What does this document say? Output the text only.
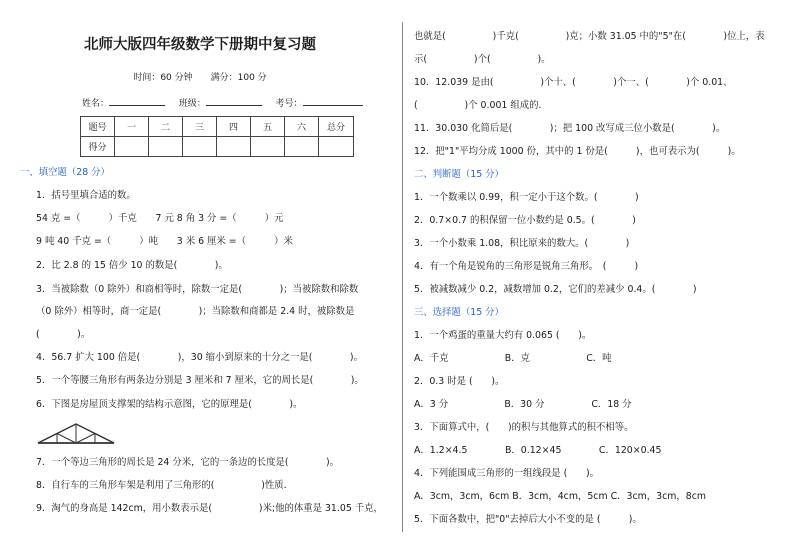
北师大版四年级数学下册期中复习题
时间：60 分钟　　满分：100 分
姓名：	班级：	考号：
题号	一	二	三	四	五	六	总分
得分							
一、填空题（28 分）
1．括号里填合适的数。
54 克 =（　　　）千克　　7 元 8 角 3 分 =（　　　）元
9 吨 40 千克 =（　　　）吨　　3 米 6 厘米 =（　　　）米
2．比 2.8 的 15 倍少 10 的数是(　　　　)。
3．当被除数（0 除外）和商相等时，除数一定是(　　　　)；当被除数和除数
（0 除外）相等时，商一定是(　　　　)；当除数和商都是 2.4 时，被除数是
(　　　　)。
4．56.7 扩大 100 倍是(　　　　)，30 缩小到原来的十分之一是(　　　　)。
5．一个等腰三角形有两条边分别是 3 厘米和 7 厘米，它的周长是(　　　　)。
6．下图是房屋顶支撑架的结构示意图，它的原理是(　　　　)。
7．一个等边三角形的周长是 24 分米，它的一条边的长度是(　　　　)。
8．自行车的三角形车架是利用了三角形的(　　　　　)性质．
9．淘气的身高是 142cm，用小数表示是(　　　　　)米;他的体重是 31.05 千克，
也就是(　　　　　)千克(　　　　　)克；小数 31.05 中的"5"在(　　　　)位上，表
示(　　　　　)个(　　　　　)。
10．12.039 是由(　　　　　)个十、(　　　　)个一、(　　　　)个 0.01、
(　　　　　)个 0.001 组成的．
11．30.030 化简后是(　　　　)；把 100 改写成三位小数是(　　　　)。
12．把"1"平均分成 1000 份，其中的 1 份是(　　　)，也可表示为(　　　)。
二、判断题（15 分）
1．一个数乘以 0.99，积一定小于这个数。(　　　　)
2．0.7×0.7 的积保留一位小数约是 0.5。(　　　　)
3．一个小数乘 1.08，积比原来的数大。(　　　　)
4．有一个角是锐角的三角形是锐角三角形。　(　　　)
5．被减数减少 0.2，减数增加 0.2，它们的差减少 0.4。(　　　　)
三、选择题（15 分）
1．一个鸡蛋的重量大约有 0.065 (　　)。
A．千克　　　　　　B．克　　　　　　C．吨
2．0.3 时是 (　　)。
A．3 分　　　　　　B．30 分　　　　　C．18 分
3．下面算式中，(　　)的积与其他算式的积不相等。
A．1.2×4.5　　　　B．0.12×45　　　　C．120×0.45
4．下列能围成三角形的一组线段是 (　　)。
A．3cm，3cm，6cm B．3cm，4cm，5cm C．3cm，3cm，8cm
5．下面各数中，把"0"去掉后大小不变的是 (　　　)。
